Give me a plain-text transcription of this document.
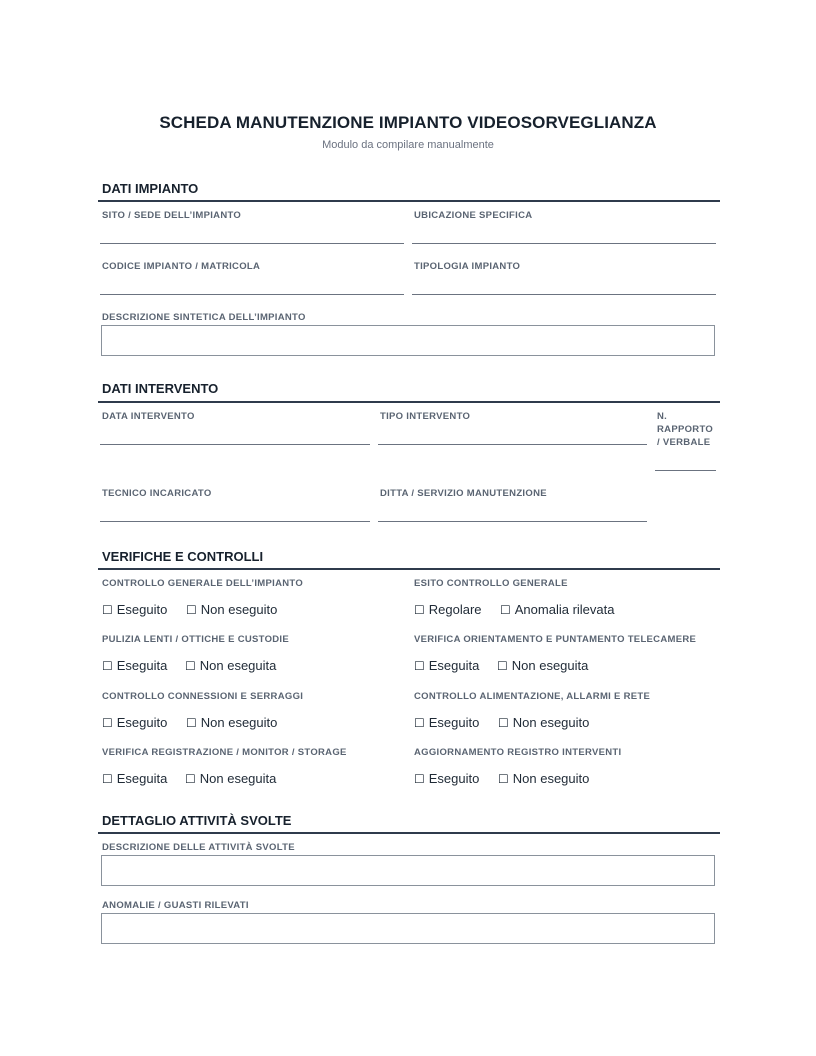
SCHEDA MANUTENZIONE IMPIANTO VIDEOSORVEGLIANZA
Modulo da compilare manualmente
DATI IMPIANTO
SITO / SEDE DELL’IMPIANTO	UBICAZIONE SPECIFICA
CODICE IMPIANTO / MATRICOLA	TIPOLOGIA IMPIANTO
DESCRIZIONE SINTETICA DELL’IMPIANTO
DATI INTERVENTO
DATA INTERVENTO	TIPO INTERVENTO	N.
RAPPORTO
/ VERBALE
TECNICO INCARICATO	DITTA / SERVIZIO MANUTENZIONE
VERIFICHE E CONTROLLI
CONTROLLO GENERALE DELL’IMPIANTO
☐ Eseguito ☐ Non eseguito
ESITO CONTROLLO GENERALE
☐ Regolare ☐ Anomalia rilevata
PULIZIA LENTI / OTTICHE E CUSTODIE
☐ Eseguita ☐ Non eseguita
VERIFICA ORIENTAMENTO E PUNTAMENTO TELECAMERE
☐ Eseguita ☐ Non eseguita
CONTROLLO CONNESSIONI E SERRAGGI
☐ Eseguito ☐ Non eseguito
CONTROLLO ALIMENTAZIONE, ALLARMI E RETE
☐ Eseguito ☐ Non eseguito
VERIFICA REGISTRAZIONE / MONITOR / STORAGE
☐ Eseguita ☐ Non eseguita
AGGIORNAMENTO REGISTRO INTERVENTI
☐ Eseguito ☐ Non eseguito
DETTAGLIO ATTIVITÀ SVOLTE
DESCRIZIONE DELLE ATTIVITÀ SVOLTE
ANOMALIE / GUASTI RILEVATI
